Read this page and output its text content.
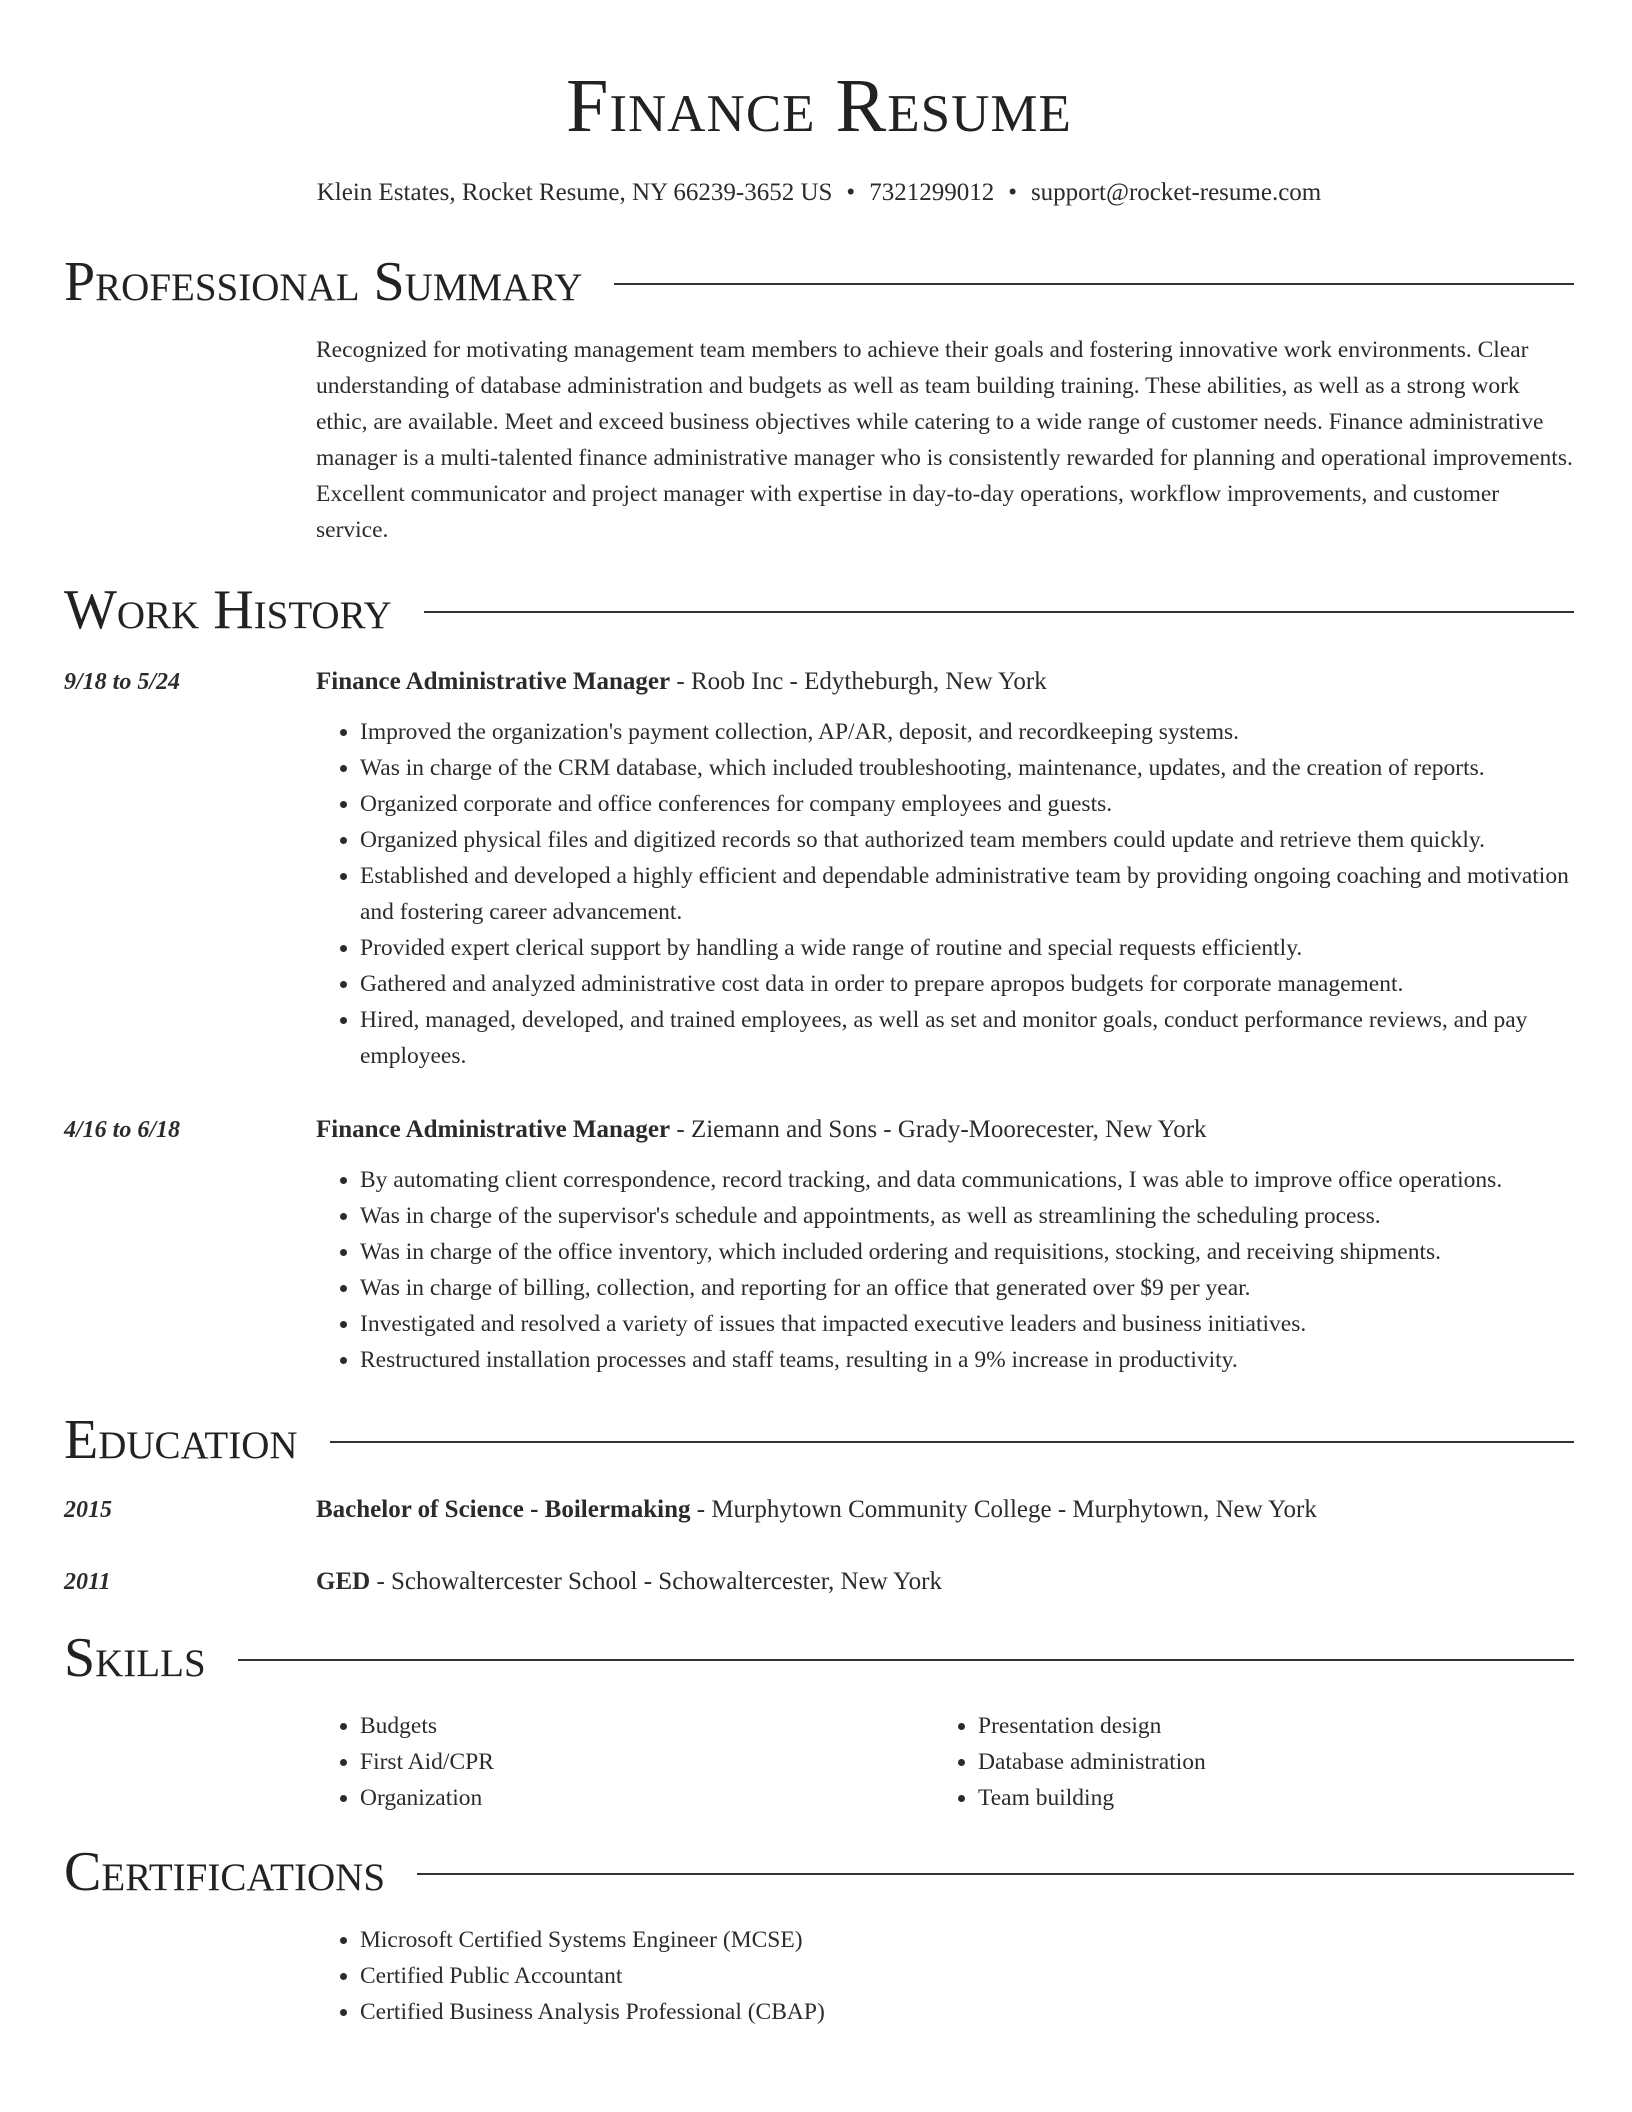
Finance Resume
Klein Estates, Rocket Resume, NY 66239-3652 US • 7321299012 • support@rocket-resume.com
Professional Summary
Recognized for motivating management team members to achieve their goals and fostering innovative work environments. Clear understanding of database administration and budgets as well as team building training. These abilities, as well as a strong work ethic, are available. Meet and exceed business objectives while catering to a wide range of customer needs. Finance administrative manager is a multi-talented finance administrative manager who is consistently rewarded for planning and operational improvements. Excellent communicator and project manager with expertise in day-to-day operations, workflow improvements, and customer service.
Work History
9/18 to 5/24	Finance Administrative Manager - Roob Inc - Edytheburgh, New York
• Improved the organization's payment collection, AP/AR, deposit, and recordkeeping systems.
• Was in charge of the CRM database, which included troubleshooting, maintenance, updates, and the creation of reports.
• Organized corporate and office conferences for company employees and guests.
• Organized physical files and digitized records so that authorized team members could update and retrieve them quickly.
• Established and developed a highly efficient and dependable administrative team by providing ongoing coaching and motivation and fostering career advancement.
• Provided expert clerical support by handling a wide range of routine and special requests efficiently.
• Gathered and analyzed administrative cost data in order to prepare apropos budgets for corporate management.
• Hired, managed, developed, and trained employees, as well as set and monitor goals, conduct performance reviews, and pay employees.
4/16 to 6/18	Finance Administrative Manager - Ziemann and Sons - Grady-Moorecester, New York
• By automating client correspondence, record tracking, and data communications, I was able to improve office operations.
• Was in charge of the supervisor's schedule and appointments, as well as streamlining the scheduling process.
• Was in charge of the office inventory, which included ordering and requisitions, stocking, and receiving shipments.
• Was in charge of billing, collection, and reporting for an office that generated over $9 per year.
• Investigated and resolved a variety of issues that impacted executive leaders and business initiatives.
• Restructured installation processes and staff teams, resulting in a 9% increase in productivity.
Education
2015	Bachelor of Science - Boilermaking - Murphytown Community College - Murphytown, New York
2011	GED - Schowaltercester School - Schowaltercester, New York
Skills
• Budgets
• First Aid/CPR
• Organization
• Presentation design
• Database administration
• Team building
Certifications
• Microsoft Certified Systems Engineer (MCSE)
• Certified Public Accountant
• Certified Business Analysis Professional (CBAP)
